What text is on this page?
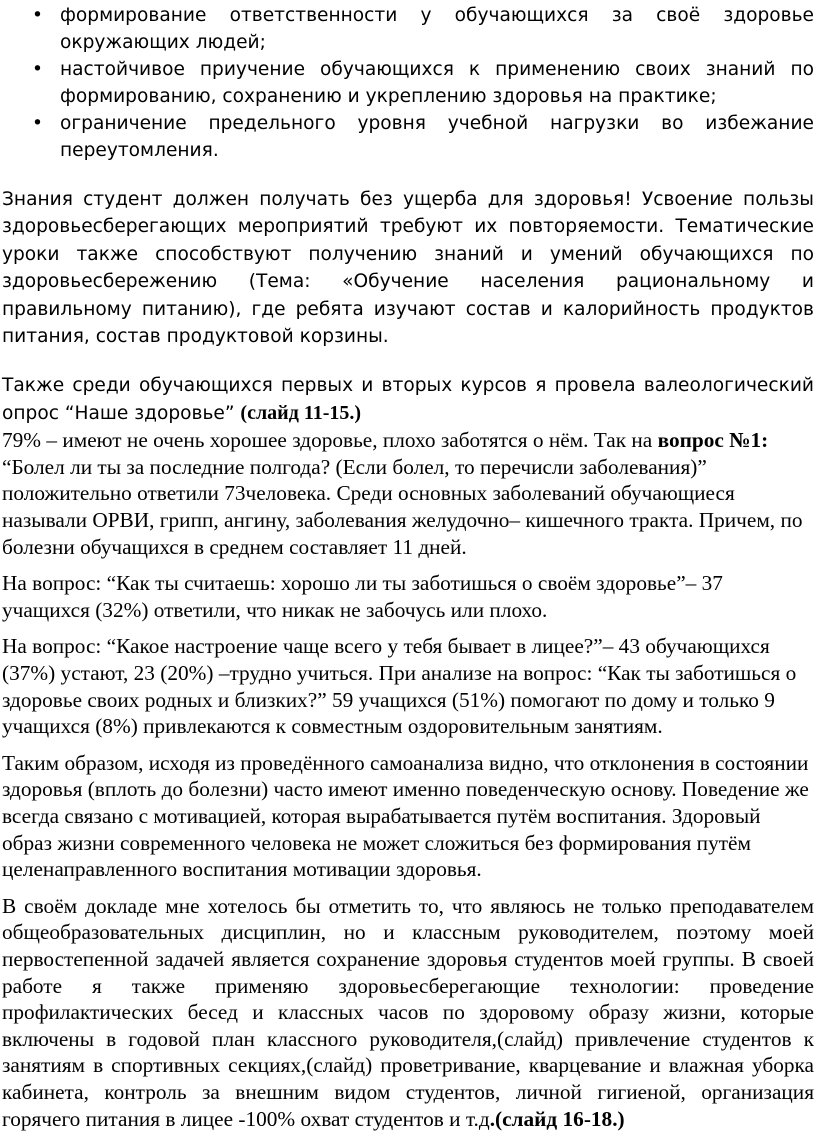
• формирование ответственности у обучающихся за своё здоровье окружающих людей;
• настойчивое приучение обучающихся к применению своих знаний по формированию, сохранению и укреплению здоровья на практике;
• ограничение предельного уровня учебной нагрузки во избежание переутомления.

Знания студент должен получать без ущерба для здоровья! Усвоение пользы здоровьесберегающих мероприятий требуют их повторяемости. Тематические уроки также способствуют получению знаний и умений обучающихся по здоровьесбережению (Тема: «Обучение населения рациональному и правильному питанию), где ребята изучают состав и калорийность продуктов питания, состав продуктовой корзины.

Также среди обучающихся первых и вторых курсов я провела валеологический опрос “Наше здоровье” (слайд 11-15.)

79% – имеют не очень хорошее здоровье, плохо заботятся о нём. Так на вопрос №1: “Болел ли ты за последние полгода? (Если болел, то перечисли заболевания)” положительно ответили 73человека. Среди основных заболеваний обучающиеся называли ОРВИ, грипп, ангину, заболевания желудочно– кишечного тракта. Причем, по болезни обучащихся в среднем составляет 11 дней.

На вопрос: “Как ты считаешь: хорошо ли ты заботишься о своём здоровье”– 37 учащихся (32%) ответили, что никак не забочусь или плохо.

На вопрос: “Какое настроение чаще всего у тебя бывает в лицее?”– 43 обучающихся (37%) устают, 23 (20%) –трудно учиться. При анализе на вопрос: “Как ты заботишься о здоровье своих родных и близких?” 59 учащихся (51%) помогают по дому и только 9 учащихся (8%) привлекаются к совместным оздоровительным занятиям.

Таким образом, исходя из проведённого самоанализа видно, что отклонения в состоянии здоровья (вплоть до болезни) часто имеют именно поведенческую основу. Поведение же всегда связано с мотивацией, которая вырабатывается путём воспитания. Здоровый образ жизни современного человека не может сложиться без формирования путём целенаправленного воспитания мотивации здоровья.

В своём докладе мне хотелось бы отметить то, что являюсь не только преподавателем общеобразовательных дисциплин, но и классным руководителем, поэтому моей первостепенной задачей является сохранение здоровья студентов моей группы. В своей работе я также применяю здоровьесберегающие технологии: проведение профилактических бесед и классных часов по здоровому образу жизни, которые включены в годовой план классного руководителя,(слайд) привлечение студентов к занятиям в спортивных секциях,(слайд) проветривание, кварцевание и влажная уборка кабинета, контроль за внешним видом студентов, личной гигиеной, организация горячего питания в лицее -100% охват студентов и т.д.(слайд 16-18.)
